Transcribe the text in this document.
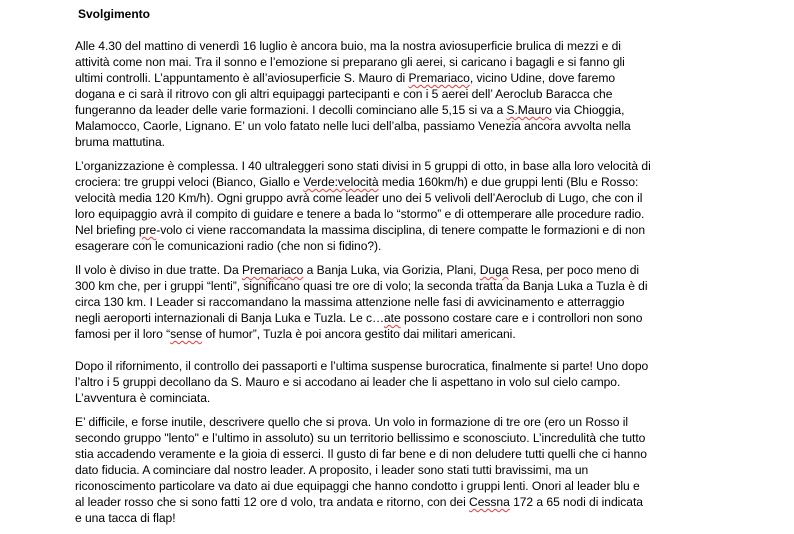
Svolgimento

Alle 4.30 del mattino di venerdì 16 luglio è ancora buio, ma la nostra aviosuperficie brulica di mezzi e di
attività come non mai. Tra il sonno e l’emozione si preparano gli aerei, si caricano i bagagli e si fanno gli
ultimi controlli. L’appuntamento è all’aviosuperficie S. Mauro di Premariaco, vicino Udine, dove faremo
dogana e ci sarà il ritrovo con gli altri equipaggi partecipanti e con i 5 aerei dell’ Aeroclub Baracca che
fungeranno da leader delle varie formazioni. I decolli cominciano alle 5,15 si va a S.Mauro via Chioggia,
Malamocco, Caorle, Lignano. E’ un volo fatato nelle luci dell’alba, passiamo Venezia ancora avvolta nella
bruma mattutina.

L’organizzazione è complessa. I 40 ultraleggeri sono stati divisi in 5 gruppi di otto, in base alla loro velocità di
crociera: tre gruppi veloci (Bianco, Giallo e Verde:velocità media 160km/h) e due gruppi lenti (Blu e Rosso:
velocità media 120 Km/h). Ogni gruppo avrà come leader uno dei 5 velivoli dell’Aeroclub di Lugo, che con il
loro equipaggio avrà il compito di guidare e tenere a bada lo “stormo” e di ottemperare alle procedure radio.
Nel briefing pre-volo ci viene raccomandata la massima disciplina, di tenere compatte le formazioni e di non
esagerare con le comunicazioni radio (che non si fidino?).

Il volo è diviso in due tratte. Da Premariaco a Banja Luka, via Gorizia, Plani, Duga Resa, per poco meno di
300 km che, per i gruppi “lenti”, significano quasi tre ore di volo; la seconda tratta da Banja Luka a Tuzla è di
circa 130 km. I Leader si raccomandano la massima attenzione nelle fasi di avvicinamento e atterraggio
negli aeroporti internazionali di Banja Luka e Tuzla. Le c…ate possono costare care e i controllori non sono
famosi per il loro “sense of humor”, Tuzla è poi ancora gestito dai militari americani.

Dopo il rifornimento, il controllo dei passaporti e l’ultima suspense burocratica, finalmente si parte! Uno dopo
l’altro i 5 gruppi decollano da S. Mauro e si accodano ai leader che li aspettano in volo sul cielo campo.
L’avventura è cominciata.

E’ difficile, e forse inutile, descrivere quello che si prova. Un volo in formazione di tre ore (ero un Rosso il
secondo gruppo "lento" e l’ultimo in assoluto) su un territorio bellissimo e sconosciuto. L’incredulità che tutto
stia accadendo veramente e la gioia di esserci. Il gusto di far bene e di non deludere tutti quelli che ci hanno
dato fiducia. A cominciare dal nostro leader. A proposito, i leader sono stati tutti bravissimi, ma un
riconoscimento particolare va dato ai due equipaggi che hanno condotto i gruppi lenti. Onori al leader blu e
al leader rosso che si sono fatti 12 ore d volo, tra andata e ritorno, con dei Cessna 172 a 65 nodi di indicata
e una tacca di flap!
